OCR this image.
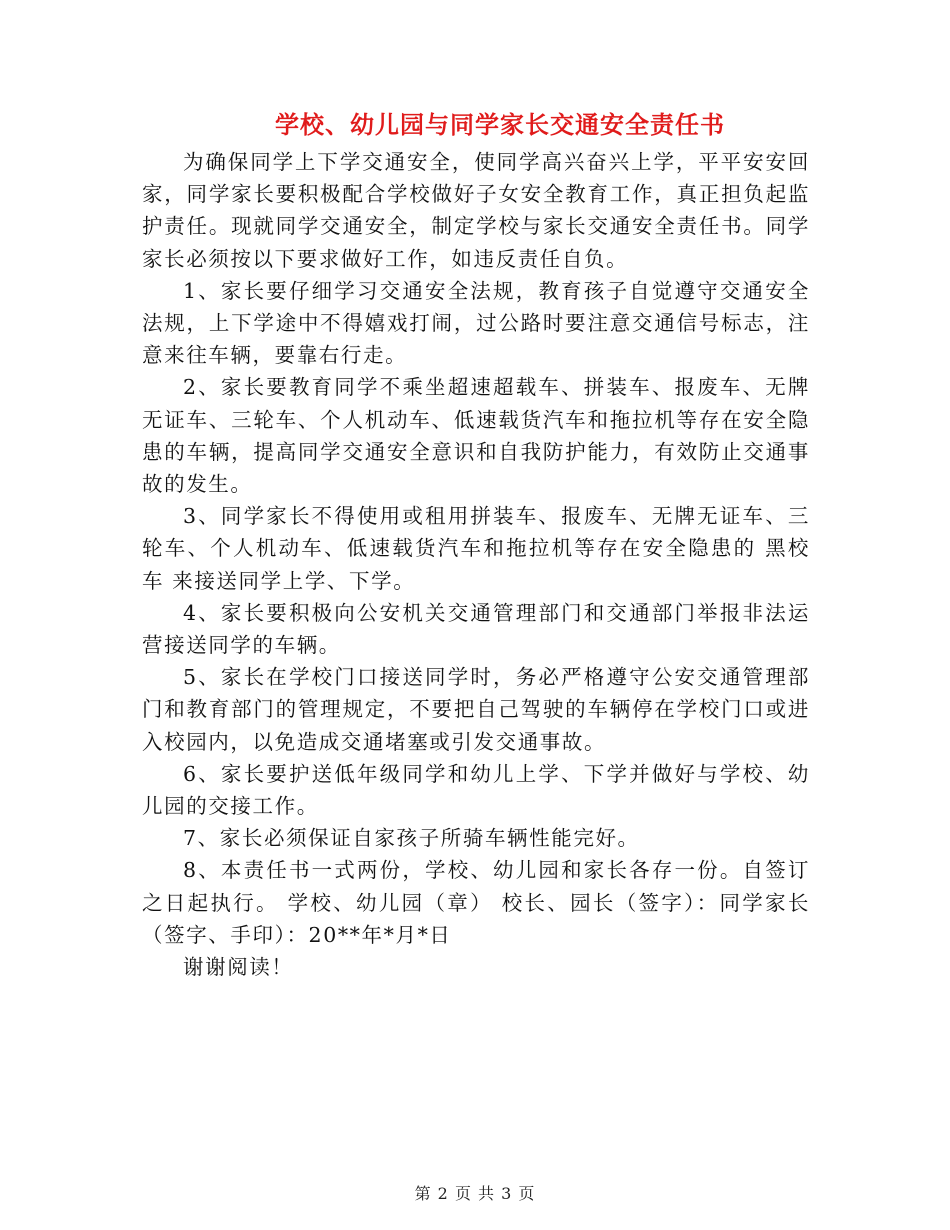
学校、幼儿园与同学家长交通安全责任书

为确保同学上下学交通安全，使同学高兴奋兴上学，平平安安回家，同学家长要积极配合学校做好子女安全教育工作，真正担负起监护责任。现就同学交通安全，制定学校与家长交通安全责任书。同学家长必须按以下要求做好工作，如违反责任自负。

1、家长要仔细学习交通安全法规，教育孩子自觉遵守交通安全法规，上下学途中不得嬉戏打闹，过公路时要注意交通信号标志，注意来往车辆，要靠右行走。

2、家长要教育同学不乘坐超速超载车、拼装车、报废车、无牌无证车、三轮车、个人机动车、低速载货汽车和拖拉机等存在安全隐患的车辆，提高同学交通安全意识和自我防护能力，有效防止交通事故的发生。

3、同学家长不得使用或租用拼装车、报废车、无牌无证车、三轮车、个人机动车、低速载货汽车和拖拉机等存在安全隐患的 黑校车 来接送同学上学、下学。

4、家长要积极向公安机关交通管理部门和交通部门举报非法运营接送同学的车辆。

5、家长在学校门口接送同学时，务必严格遵守公安交通管理部门和教育部门的管理规定，不要把自己驾驶的车辆停在学校门口或进入校园内，以免造成交通堵塞或引发交通事故。

6、家长要护送低年级同学和幼儿上学、下学并做好与学校、幼儿园的交接工作。

7、家长必须保证自家孩子所骑车辆性能完好。

8、本责任书一式两份，学校、幼儿园和家长各存一份。自签订之日起执行。 学校、幼儿园（章） 校长、园长（签字）：同学家长（签字、手印）：20**年*月*日

谢谢阅读！

第 2 页 共 3 页
